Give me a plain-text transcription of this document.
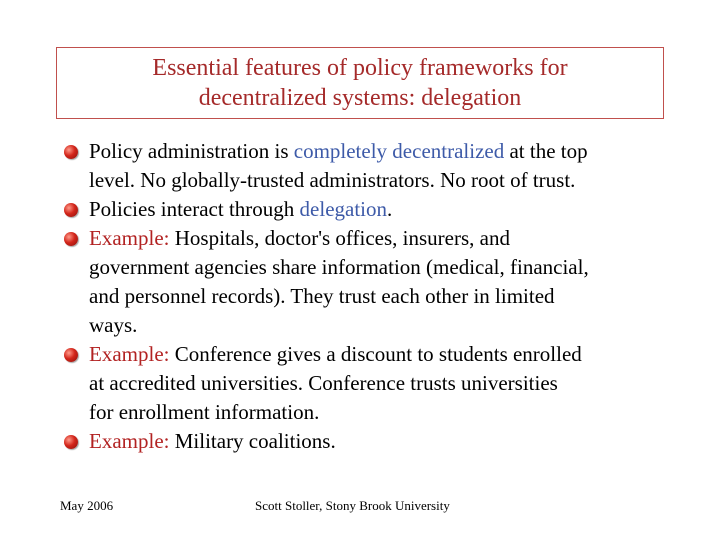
Essential features of policy frameworks for
decentralized systems: delegation
Policy administration is completely decentralized at the top
level. No globally-trusted administrators. No root of trust.
Policies interact through delegation.
Example: Hospitals, doctor's offices, insurers, and
government agencies share information (medical, financial,
and personnel records). They trust each other in limited
ways.
Example: Conference gives a discount to students enrolled
at accredited universities. Conference trusts universities
for enrollment information.
Example: Military coalitions.
May 2006	Scott Stoller, Stony Brook University
